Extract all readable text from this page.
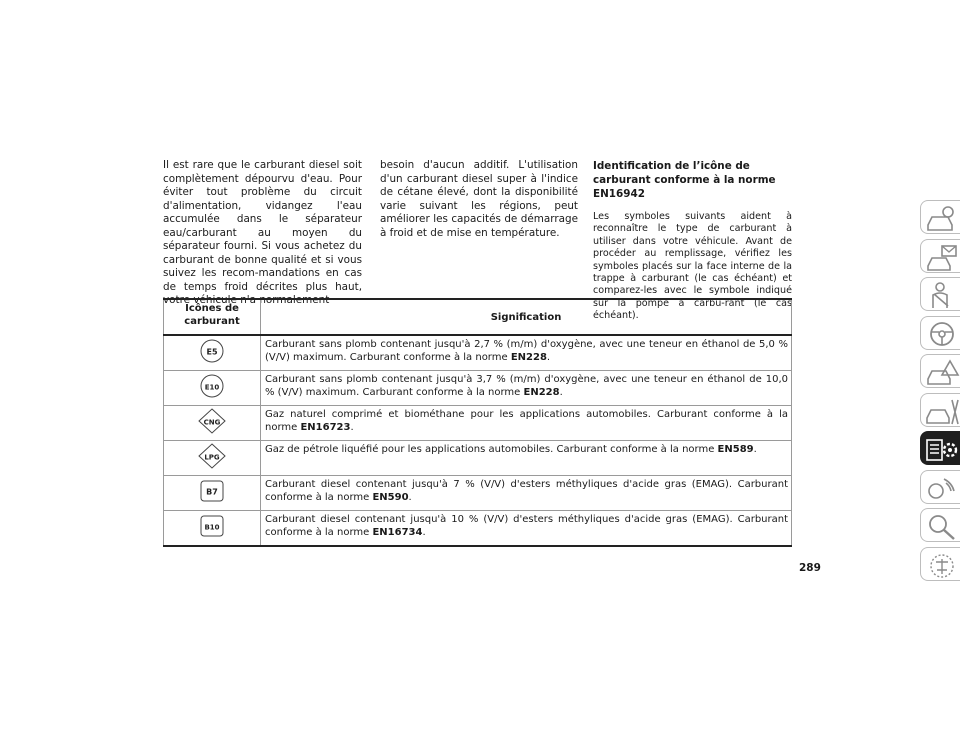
Il est rare que le carburant diesel soit complètement dépourvu d'eau. Pour éviter tout problème du circuit d'alimentation, vidangez l'eau accumulée dans le séparateur eau/carburant au moyen du séparateur fourni. Si vous achetez du carburant de bonne qualité et si vous suivez les recom-mandations en cas de temps froid décrites plus haut, votre véhicule n'a normalement
besoin d'aucun additif. L'utilisation d'un carburant diesel super à l'indice de cétane élevé, dont la disponibilité varie suivant les régions, peut améliorer les capacités de démarrage à froid et de mise en température.
Identification de l’icône de carburant conforme à la norme EN16942

Les symboles suivants aident à reconnaître le type de carburant à utiliser dans votre véhicule. Avant de procéder au remplissage, vérifiez les symboles placés sur la face interne de la trappe à carburant (le cas échéant) et comparez-les avec le symbole indiqué sur la pompe à carbu-rant (le cas échéant).

Icônes de carburant	Signification

E5	Carburant sans plomb contenant jusqu'à 2,7 % (m/m) d'oxygène, avec une teneur en éthanol de 5,0 % (V/V) maximum. Carburant conforme à la norme EN228.

E10	Carburant sans plomb contenant jusqu'à 3,7 % (m/m) d'oxygène, avec une teneur en éthanol de 10,0 % (V/V) maximum. Carburant conforme à la norme EN228.

CNG	Gaz naturel comprimé et biométhane pour les applications automobiles. Carburant conforme à la norme EN16723.

LPG	Gaz de pétrole liquéfié pour les applications automobiles. Carburant conforme à la norme EN589.

B7	Carburant diesel contenant jusqu'à 7 % (V/V) d'esters méthyliques d'acide gras (EMAG). Carburant conforme à la norme EN590.

B10	Carburant diesel contenant jusqu'à 10 % (V/V) d'esters méthyliques d'acide gras (EMAG). Carburant conforme à la norme EN16734.
289
